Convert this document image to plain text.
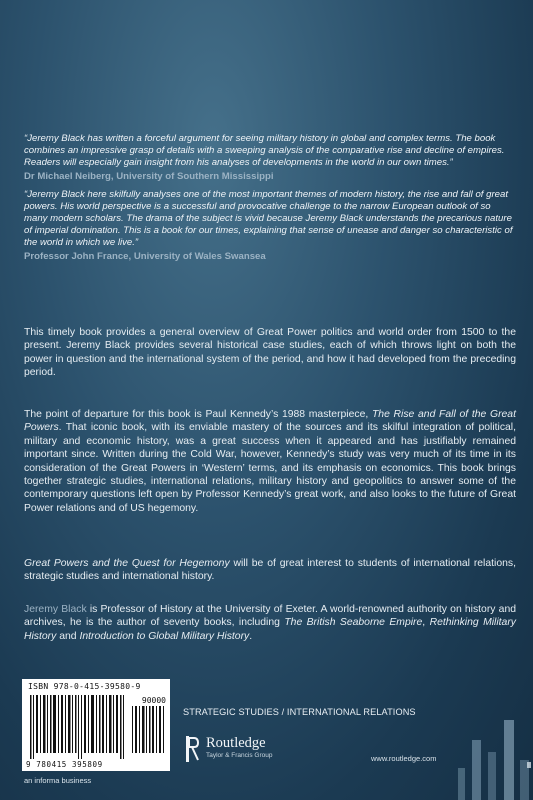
“Jeremy Black has written a forceful argument for seeing military history in global and complex terms. The book combines an impressive grasp of details with a sweeping analysis of the comparative rise and decline of empires. Readers will especially gain insight from his analyses of developments in the world in our own times.”

Dr Michael Neiberg, University of Southern Mississippi

“Jeremy Black here skilfully analyses one of the most important themes of modern history, the rise and fall of great powers. His world perspective is a successful and provocative challenge to the narrow European outlook of so many modern scholars. The drama of the subject is vivid because Jeremy Black understands the precarious nature of imperial domination. This is a book for our times, explaining that sense of unease and danger so characteristic of the world in which we live.”

Professor John France, University of Wales Swansea

This timely book provides a general overview of Great Power politics and world order from 1500 to the present. Jeremy Black provides several historical case studies, each of which throws light on both the power in question and the international system of the period, and how it had developed from the preceding period.

The point of departure for this book is Paul Kennedy’s 1988 masterpiece, The Rise and Fall of the Great Powers. That iconic book, with its enviable mastery of the sources and its skilful integration of political, military and economic history, was a great success when it appeared and has justifiably remained important since. Written during the Cold War, however, Kennedy’s study was very much of its time in its consideration of the Great Powers in ‘Western’ terms, and its emphasis on economics. This book brings together strategic studies, international relations, military history and geopolitics to answer some of the contemporary questions left open by Professor Kennedy’s great work, and also looks to the future of Great Power relations and of US hegemony.

Great Powers and the Quest for Hegemony will be of great interest to students of international relations, strategic studies and international history.

Jeremy Black is Professor of History at the University of Exeter. A world-renowned authority on history and archives, he is the author of seventy books, including The British Seaborne Empire, Rethinking Military History and Introduction to Global Military History.

ISBN 978-0-415-39580-9
90000
9 780415 395809
an informa business
STRATEGIC STUDIES / INTERNATIONAL RELATIONS
Routledge
Taylor & Francis Group	www.routledge.com
